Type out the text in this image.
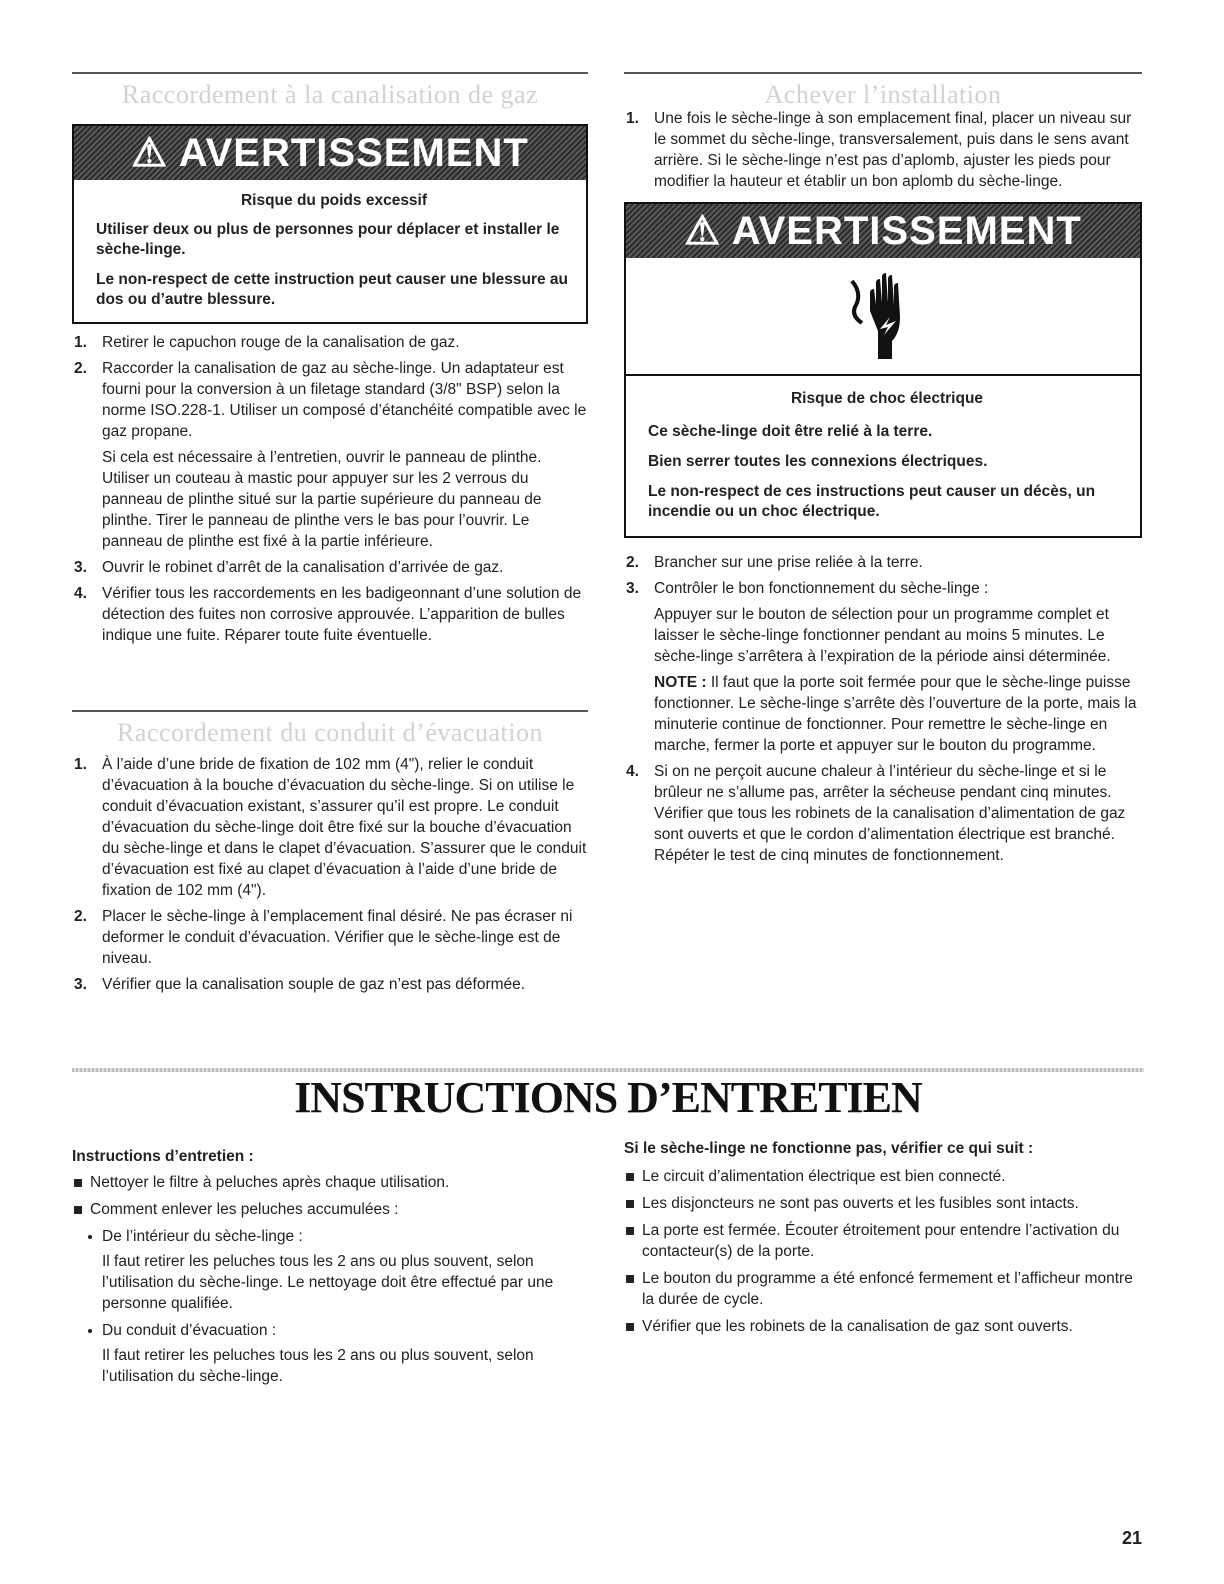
Raccordement à la canalisation de gaz
⚠ AVERTISSEMENT
Risque du poids excessif

Utiliser deux ou plus de personnes pour déplacer et installer le sèche-linge.

Le non-respect de cette instruction peut causer une blessure au dos ou d’autre blessure.

1. Retirer le capuchon rouge de la canalisation de gaz.
2. Raccorder la canalisation de gaz au sèche-linge. Un adaptateur est fourni pour la conversion à un filetage standard (3/8" BSP) selon la norme ISO.228-1. Utiliser un composé d’étanchéité compatible avec le gaz propane.

Si cela est nécessaire à l’entretien, ouvrir le panneau de plinthe. Utiliser un couteau à mastic pour appuyer sur les 2 verrous du panneau de plinthe situé sur la partie supérieure du panneau de plinthe. Tirer le panneau de plinthe vers le bas pour l’ouvrir. Le panneau de plinthe est fixé à la partie inférieure.

3. Ouvrir le robinet d’arrêt de la canalisation d’arrivée de gaz.
4. Vérifier tous les raccordements en les badigeonnant d’une solution de détection des fuites non corrosive approuvée. L’apparition de bulles indique une fuite. Réparer toute fuite éventuelle.
Raccordement du conduit d’évacuation
1. À l’aide d’une bride de fixation de 102 mm (4"), relier le conduit d’évacuation à la bouche d’évacuation du sèche-linge. Si on utilise le conduit d’évacuation existant, s’assurer qu’il est propre. Le conduit d’évacuation du sèche-linge doit être fixé sur la bouche d’évacuation du sèche-linge et dans le clapet d’évacuation. S’assurer que le conduit d’évacuation est fixé au clapet d’évacuation à l’aide d’une bride de fixation de 102 mm (4").
2. Placer le sèche-linge à l’emplacement final désiré. Ne pas écraser ni deformer le conduit d’évacuation. Vérifier que le sèche-linge est de niveau.
3. Vérifier que la canalisation souple de gaz n’est pas déformée.
Achever l’installation
1. Une fois le sèche-linge à son emplacement final, placer un niveau sur le sommet du sèche-linge, transversalement, puis dans le sens avant arrière. Si le sèche-linge n’est pas d’aplomb, ajuster les pieds pour modifier la hauteur et établir un bon aplomb du sèche-linge.
⚠ AVERTISSEMENT
Risque de choc électrique

Ce sèche-linge doit être relié à la terre.

Bien serrer toutes les connexions électriques.

Le non-respect de ces instructions peut causer un décès, un incendie ou un choc électrique.

2. Brancher sur une prise reliée à la terre.
3. Contrôler le bon fonctionnement du sèche-linge :

Appuyer sur le bouton de sélection pour un programme complet et laisser le sèche-linge fonctionner pendant au moins 5 minutes. Le sèche-linge s’arrêtera à l’expiration de la période ainsi déterminée.

NOTE : Il faut que la porte soit fermée pour que le sèche-linge puisse fonctionner. Le sèche-linge s’arrête dès l’ouverture de la porte, mais la minuterie continue de fonctionner. Pour remettre le sèche-linge en marche, fermer la porte et appuyer sur le bouton du programme.

4. Si on ne perçoit aucune chaleur à l’intérieur du sèche-linge et si le brûleur ne s’allume pas, arrêter la sécheuse pendant cinq minutes. Vérifier que tous les robinets de la canalisation d’alimentation de gaz sont ouverts et que le cordon d’alimentation électrique est branché. Répéter le test de cinq minutes de fonctionnement.
INSTRUCTIONS D’ENTRETIEN
Instructions d’entretien :
Nettoyer le filtre à peluches après chaque utilisation.
Comment enlever les peluches accumulées :
De l’intérieur du sèche-linge :

Il faut retirer les peluches tous les 2 ans ou plus souvent, selon l’utilisation du sèche-linge. Le nettoyage doit être effectué par une personne qualifiée.

Du conduit d’évacuation :

Il faut retirer les peluches tous les 2 ans ou plus souvent, selon l’utilisation du sèche-linge.

Si le sèche-linge ne fonctionne pas, vérifier ce qui suit :
Le circuit d’alimentation électrique est bien connecté.
Les disjoncteurs ne sont pas ouverts et les fusibles sont intacts.
La porte est fermée. Écouter étroitement pour entendre l’activation du contacteur(s) de la porte.
Le bouton du programme a été enfoncé fermement et l’afficheur montre la durée de cycle.
Vérifier que les robinets de la canalisation de gaz sont ouverts.
21
